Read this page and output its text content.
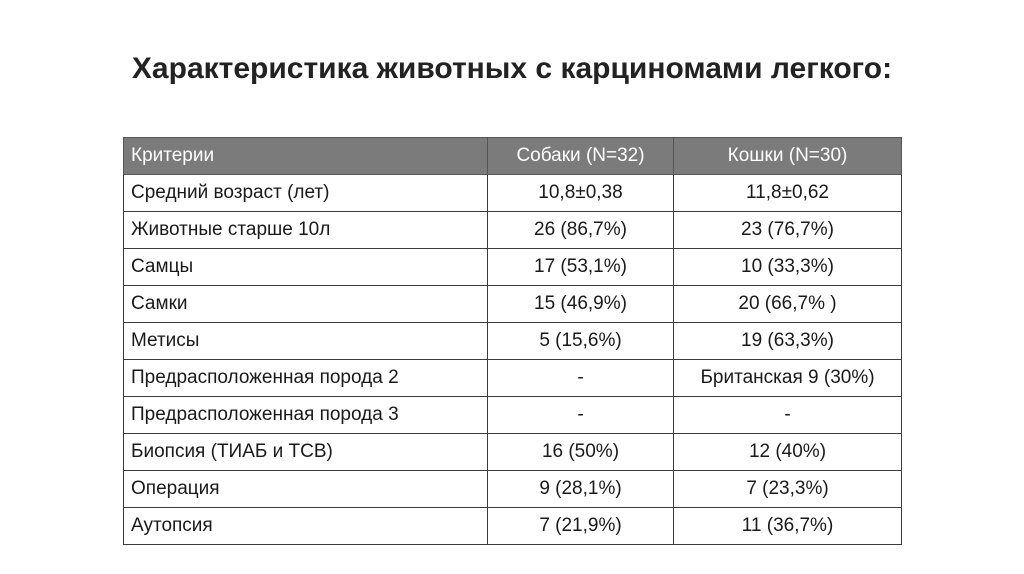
Характеристика животных с карциномами легкого:
Критерии	Собаки (N=32)	Кошки (N=30)
Средний возраст (лет)	10,8±0,38	11,8±0,62
Животные старше 10л	26 (86,7%)	23 (76,7%)
Самцы	17 (53,1%)	10 (33,3%)
Самки	15 (46,9%)	20 (66,7% )
Метисы	5 (15,6%)	19 (63,3%)
Предрасположенная порода 2	-	Британская 9 (30%)
Предрасположенная порода 3	-	-
Биопсия (ТИАБ и ТСВ)	16 (50%)	12 (40%)
Операция	9 (28,1%)	7 (23,3%)
Аутопсия	7 (21,9%)	11 (36,7%)
